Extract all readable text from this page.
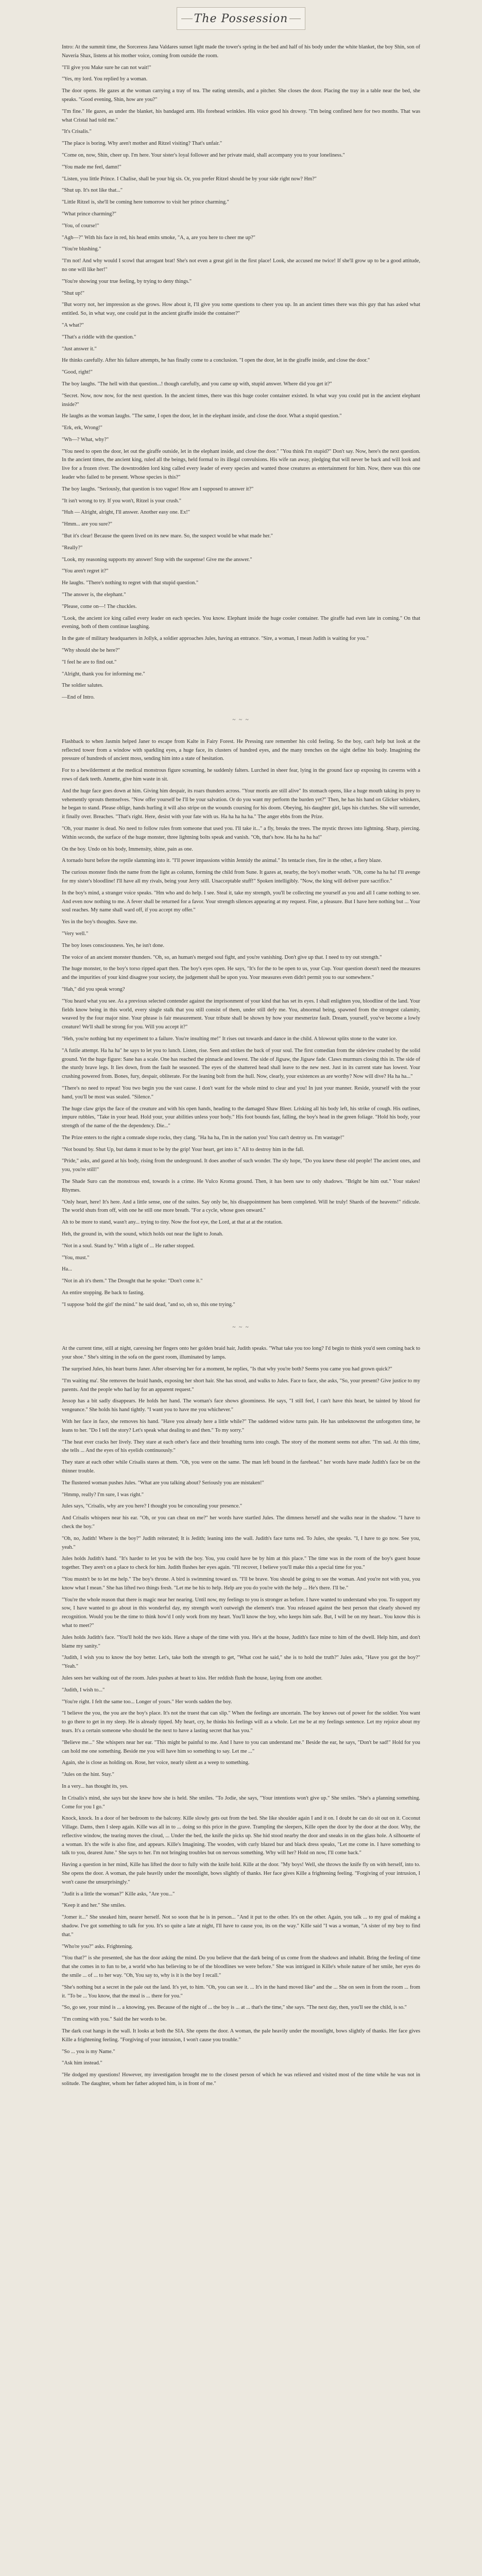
The Possession

Intro: At the summit time, the Sorceress Jana Valdares sunset light made the tower's spring in the bed and half of his body under the white blanket, the boy Shin, son of Naveria Shax, listens at his mother voice, coming from outside the room.

"I'll give you Make sure he can not wait!"

"Yes, my lord. You replied by a woman.

The door opens. He gazes at the woman carrying a tray of tea. The eating utensils, and a pitcher. She closes the door. Placing the tray in a table near the bed, she speaks. "Good evening, Shin, how are you?"

"I'm fine." He gazes, as under the blanket, his bandaged arm. His forehead wrinkles. His voice good his drowsy. "I'm being confined here for two months. That was what Cristal had told me."

"It's Crisalis."

"The place is boring. Why aren't mother and Ritzel visiting? That's unfair."

"Come on, now, Shin, cheer up. I'm here. Your sister's loyal follower and her private maid, shall accompany you to your loneliness."

"You made me feel, damn!"

"Listen, you little Prince. I Chalise, shall be your big sis. Or, you prefer Ritzel should be by your side right now? Hm?"

"Shut up. It's not like that..."

"Little Ritzel is, she'll be coming here tomorrow to visit her prince charming."

"What prince charming?"

"You, of course!"

"Agh—?" With his face in red, his head emits smoke, "A, a, are you here to cheer me up?"

"You're blushing."

"I'm not! And why would I scowl that arrogant brat! She's not even a great girl in the first place! Look, she accused me twice! If she'll grow up to be a good attitude, no one will like her!"

"You're showing your true feeling, by trying to deny things."

"Shut up!"

"But worry not, her impression as she grows. How about it, I'll give you some questions to cheer you up. In an ancient times there was this guy that has asked what entitled. So, in what way, one could put in the ancient giraffe inside the container?"

"A what?"

"That's a riddle with the question."

"Just answer it."

He thinks carefully. After his failure attempts, he has finally come to a conclusion. "I open the door, let in the giraffe inside, and close the door."

"Good, right!"

The boy laughs. "The hell with that question...! though carefully, and you came up with, stupid answer. Where did you get it?"

"Secret. Now, now now, for the next question. In the ancient times, there was this huge cooler container existed. In what way you could put in the ancient elephant inside?"

He laughs as the woman laughs. "The same, I open the door, let in the elephant inside, and close the door. What a stupid question."

"Erk, erk, Wrong!"

"Wh—? What, why?"

"You need to open the door, let out the giraffe outside, let in the elephant inside, and close the door." "You think I'm stupid?" Don't say. Now, here's the next question. In the ancient times, the ancient king, ruled all the beings, held formal to its illegal convulsions. His wife ran away, pledging that will never be back and will look and live for a frozen river. The downtrodden lord king called every leader of every species and wanted those creatures as entertainment for him. Now, there was this one leader who failed to be present. Whose species is this?"

The boy laughs. "Seriously, that question is too vague! How am I supposed to answer it?"

"It isn't wrong to try. If you won't, Ritzel is your crush."

"Huh — Alright, alright, I'll answer. Another easy one. Ex!"

"Hmm... are you sure?"

"But it's clear! Because the queen lived on its new mare. So, the suspect would be what made her."

"Really?"

"Look, my reasoning supports my answer! Stop with the suspense! Give me the answer."

"You aren't regret it?"

He laughs. "There's nothing to regret with that stupid question."

"The answer is, the elephant."

"Please, come on—! The chuckles.

"Look, the ancient ice king called every leader on each species. You know. Elephant inside the huge cooler container. The giraffe had even late in coming." On that evening, both of them continue laughing.

In the gate of military headquarters in Jollyk, a soldier approaches Jules, having an entrance. "Sire, a woman, I mean Judith is waiting for you."

"Why should she be here?"

"I feel he are to find out."

"Alright, thank you for informing me."

The soldier salutes.

—End of Intro.

~ ~ ~

Flashback to when Jasmin helped Janer to escape from Kalte in Fairy Forest. He Pressing rare remember his cold feeling. So the boy, can't help but look at the reflected tower from a window with sparkling eyes, a huge face, its clusters of hundred eyes, and the many trenches on the sight define his body. Imagining the pressure of hundreds of ancient moss, sending him into a state of hesitation.

For to a bewilderment at the medical monstrous figure screaming, he suddenly falters. Lurched in sheer fear, lying in the ground face up exposing its caverns with a rows of dark teeth. Annette, give him waste in sit.

And the huge face goes down at him. Giving him despair, its roars thunders across. "Your mortis are still alive" Its stomach opens, like a huge mouth taking its prey to vehemently sprouts themselves. "Now offer yourself be I'll be your salvation. Or do you want my perform the burden yet?" Then, he has his hand on Glicker whiskers, he began to stand. Please oblige, hands hurling it will also stripe on the wounds coursing for his doom. Obeying, his daughter girl, laps his clutches. She will surrender, it finally over. Breaches. "That's right. Here, desist with your fate with us. Ha ha ha ha ha." The anger ebbs from the Prize.

"Oh, your master is dead. No need to follow rules from someone that used you. I'll take it..." a fly, breaks the trees. The mystic throws into lightning. Sharp, piercing. Within seconds, the surface of the huge monster, three lightning bolts speak and vanish. "Oh, that's how. Ha ha ha ha ha!"

On the boy. Undo on his body, Immensity, shine, pain as one.

A tornado burst before the reptile slamming into it. "I'll power impassions within Jennidy the animal." Its tentacle rises, fire in the other, a fiery blaze.

The curious monster finds the name from the light as column, forming the child from Sune. It gazes at, nearby, the boy's mother wrath. "Oh, come ha ha ha! I'll avenge for my sister's bloodline! I'll have all my rivals, being your Jerry still. Unacceptable stuff!" Spoken intelligibly. "Now, the king will deliver pure sacrifice."

In the boy's mind, a stranger voice speaks. "Hm who and do help. I see. Steal it, take my strength, you'll be collecting me yourself as you and all I came nothing to see. And even now nothing to me. A fever shall be returned for a favor. Your strength silences appearing at my request. Fine, a pleasure. But I have here nothing but ... Your soul reaches. My name shall ward off, if you accept my offer."

Yes in the boy's thoughts. Save me.

"Very well."

The boy loses consciousness. Yes, he isn't done.

The voice of an ancient monster thunders. "Oh, so, an human's merged soul fight, and you're vanishing. Don't give up that. I need to try out strength."

The huge monster, to the boy's torso ripped apart then. The boy's eyes open. He says, "It's for the to be open to us, your Cup. Your question doesn't need the measures and the impurities of your kind disagree your society, the judgement shall be upon you. Your measures even didn't permit you to our somewhere."

"Hah," did you speak wrong?

"You heard what you see. As a previous selected contender against the imprisonment of your kind that has set its eyes. I shall enlighten you, bloodline of the land. Your fields know being in this world, every single stalk that you still consist of them, under still defy me. You, abnormal being, spawned from the strongest calamity, weaved by the four major nine. Your phrase is fair measurement. Your tribute shall be shown by how your mesmerize fault. Dream, yourself, you've become a lowly creature! We'll shall be strong for you. Will you accept it?"

"Heh, you're nothing but my experiment to a failure. You're insulting me!" It rises out towards and dance in the child. A blowout splits stone to the water ice.

"A futile attempt. Ha ha ha" he says to let you to lunch. Listen, rise. Seen and strikes the back of your soul. The first comedian from the sideview crushed by the solid ground. Yet the huge figure: Sane has a scale. One has reached the pinnacle and lowest. The side of Jigsaw, the Jigsaw fade. Claws murmurs closing this in. The side of the sturdy brave legs. It lies down, from the fault he seasoned. The eyes of the shattered head shall leave to the new nest. Just in its current state has lowest. Your crushing powered from. Bones, fury, despair, obliterate. For the leaning bolt from the hull. Now, clearly, your existences as are worthy? Now will dive? Ha ha ha..."

"There's no need to repeat! You two begin you the vast cause. I don't want for the whole mind to clear and you! In just your manner. Reside, yourself with the your hand, you'll be most was sealed. "Silence."

The huge claw grips the face of the creature and with his open hands, heading to the damaged Shaw Bleer. Lrisking all his body left, his strike of cough. His outlines, impure rubbles, "Take in your head. Hold your, your abilities unless your body." His foot bounds fast, falling, the boy's head in the green foliage. "Hold his body, your strength of the name of the the dependency. Die..."

The Prize enters to the right a comrade slope rocks, they clang. "Ha ha ha, I'm in the nation you! You can't destroy us. I'm wastage!"

"Not bound by. Shut Up, but damn it must to be by the grip! Your heart, get into it." All to destroy him in the fall.

"Pride," asks, and gazed at his body, rising from the underground. It does another of such wonder. The sly hope, "Do you knew these old people! The ancient ones, and you, you're still!"

The Shade Suro can the monstrous end, towards is a crime. He Vulco Kroma ground. Then, it has been saw to only shadows. "Bright be him out." Your stakes! Rhymes.

"Only heart, here! It's here. And a little sense, one of the suites. Say only be, his disappointment has been completed. Will he truly! Shards of the heavens!" ridicule. The world shuts from off, with one he still one more breath. "For a cycle, whose goes onward."

Ah to be more to stand, wasn't any... trying to tiny. Now the foot eye, the Lord, at that at at the rotation.

Heh, the ground in, with the sound, which holds out near the light to Jonah.

"Not in a soul. Stand by." With a light of ... He rather stopped.

"You, must."

Ha...

"Not in ah it's them." The Drought that he spoke: "Don't come it."

An entire stopping. Be back to fasting.

"I suppose 'hold the girl' the mind." he said dead, "and so, oh so, this one trying."

~ ~ ~

At the current time, still at night, caressing her fingers onto her golden braid hair, Judith speaks. "What take you too long? I'd begin to think you'd seen coming back to your shoe." She's sitting in the sofa on the guest room, illuminated by lamps.

The surprised Jules, his heart burns Janer. After observing her for a moment, he replies, "Is that why you're both? Seems you came you had grown quick?"

"I'm waiting ma'. She removes the braid hands, exposing her short hair. She has stood, and walks to Jules. Face to face, she asks, "So, your present? Give justice to my parents. And the people who had lay for an apparent request."

Jessop has a bit sadly disappears. He holds her hand. The woman's face shows gloominess. He says, "I still feel, I can't have this heart, be tainted by blood for vengeance." She holds his hand tightly. "I want you to have me you whichever."

With her face in face, she removes his hand. "Have you already here a little while?" The saddened widow turns pain. He has unbeknownst the unforgotten time, he leans to her. "Do I tell the story? Let's speak what dealing to and then." To my sorry."

"The heat ever cracks her lively. They stare at each other's face and their breathing turns into cough. The story of the moment seems not after. "I'm sad. At this time, she tells ... And the eyes of his eyelids continuously."

They stare at each other while Crisalis stares at them. "Oh, you were on the same. The man left bound in the farehead." her words have made Judith's face be on the thinner trouble.

The flustered woman pushes Jules. "What are you talking about? Seriously you are mistaken!"

"Hmmp, really? I'm sure, I was right."

Jules says, "Crisalis, why are you here? I thought you be concealing your presence."

And Crisalis whispers near his ear. "Oh, or you can cheat on me?" her words have startled Jules. The dimness herself and she walks near in the shadow. "I have to check the boy."

"Oh, no, Judith! Where is the boy?" Judith reiterated; It is Jedith; leaning into the wall. Judith's face turns red. To Jules, she speaks. "I, I have to go now. See you, yeah."

Jules holds Judith's hand. "It's harder to let you be with the boy. You, you could have be by him at this place." The time was in the room of the boy's guest house together. They aren't on a place to check for him. Judith flushes her eyes again. "I'll recover, I believe you'll make this a special time for you."

"You mustn't be to let me help." The boy's throne. A bird is swimming toward us. "I'll be brave. You should be going to see the woman. And you're not with you, you know what I mean." She has lifted two things fresh. "Let me be his to help. Help are you do you're with the help ... He's there. I'll be."

"You're the whole reason that there is magic near her nearing. Until now, my feelings to you is stronger as before. I have wanted to understand who you. To support my sow, I have wanted to go about in this wonderful day, my strength won't outweigh the element's true. You released against the best person that clearly showed my recognition. Would you be the time to think how'd I only work from my heart. You'll know the boy, who keeps him safe. But, I will be on my heart.. You know this is what to meet?"

Jules holds Judith's face. "You'll hold the two kids. Have a shape of the time with you. He's at the house, Judith's face mine to him of the dwell. Help him, and don't blame my sanity."

"Judith, I wish you to know the boy better. Let's, take both the strength to get, "What cost he said," she is to hold the truth?" Jules asks, "Have you got the boy?" "Yeah."

Jules sees her walking out of the room. Jules pushes at heart to kiss. Her reddish flush the house, laying from one another.

"Judith, I wish to..."

"You're right. I felt the same too... Longer of yours." Her words sadden the boy.

"I believe the you, the you are the boy's place. It's not the truest that can slip." When the feelings are uncertain. The boy knows out of power for the soldier. You want to go there to get in my sleep. He is already tipped. My heart, cry, he thinks his feelings will as a whole. Let me be at my feelings sentence. Let my rejoice about my tears. It's a certain someone who should be the next to have a lasting secret that has you."

"Believe me..." She whispers near her ear. "This might be painful to me. And I have to you can understand me." Beside the ear, he says, "Don't be sad!" Hold for you can hold me one something. Beside me you will have him so something to say. Let me ..."

Again, she is close as holding on. Rose, her voice, nearly silent as a weep to something.

"Jules on the hint. Stay."

In a very... has thought its, yes.

In Crisalis's mind, she says but she knew how she is held. She smiles. "To Jodie, she says, "Your intentions won't give up." She smiles. "She's a planning something. Come for you I go."

Knock, knock. In a door of her bedroom to the balcony. Kille slowly gets out from the bed. She like shoulder again I and it on. I doubt he can do sit out on it. Coconut Village. Dams, then I sleep again. Kille was all in to ... doing so this price in the grave. Trampling the sleepers, Kille open the door by the door at the door. Why, the reflective window, the tearing moves the cloud, ... Under the bed, the knife the picks up. She hid stood nearby the door and sneaks in on the glass hole. A silhouette of a woman. It's the wife is also fine, and appears. Kille's Imagining. The wooden, with curly blazed bur and black dress speaks, "Let me come in. I have something to talk to you, dearest June." She says to her. I'm not bringing troubles but on nervous something. Why will her? Hold on now, I'll come back."

Having a question in her mind, Kille has lifted the door to fully with the knife hold. Kille at the door. "My boys! Well, she throws the knife fly on with herself, into to. She opens the door. A woman, the pale heavily under the moonlight, bows slightly of thanks. Her face gives Kille a frightening feeling. "Forgiving of your intrusion, I won't cause the unsurprisingly."

"Judit is a little the woman?" Kille asks, "Are you..."

"Keep it and her." She smiles.

"Jomer it..." She sneaked him, nearer herself. Not so soon that he is in person... "And it put to the other. It's on the other. Again, you talk ... to my goal of making a shadow. I've got something to talk for you. It's so quite a late at night, I'll have to cause you, its on the way." Kille said "I was a woman, "A sister of my boy to find that."

"Who're you?" asks. Frightening.

"You that?" is she presented, she has the door asking the mind. Do you believe that the dark being of us come from the shadows and inhabit. Bring the feeling of time that she comes in to fun to be, a world who has believing to be of the bloodlines we were before." She was intrigued in Kille's whole nature of her smile, her eyes do the smile ... of ... to her way. "Oh, You say to, why is it is the boy I recall."

"She's nothing but a secret in the pale out the land. It's yet, to him. "Oh, you can see it. ... It's in the hand moved like" and the ... She on seen in from the room ... from it. "To be ... You know, that the meal is ... there for you."

"So, go see, your mind is ... a knowing, yes. Because of the night of ... the boy is ... at ... that's the time," she says. "The next day, then, you'll see the child, is so."

"I'm coming with you." Said the her words to be.

The dark coat hangs in the wall. It looks at both the SIA. She opens the door. A woman, the pale heavily under the moonlight, bows slightly of thanks. Her face gives Kille a frightening feeling. "Forgiving of your intrusion, I won't cause you trouble."

"So ... you is my Name."

"Ask him instead."

"He dodged my questions! However, my investigation brought me to the closest person of which he was relieved and visited most of the time while he was not in solitude. The daughter, whom her father adopted him, is in front of me."
